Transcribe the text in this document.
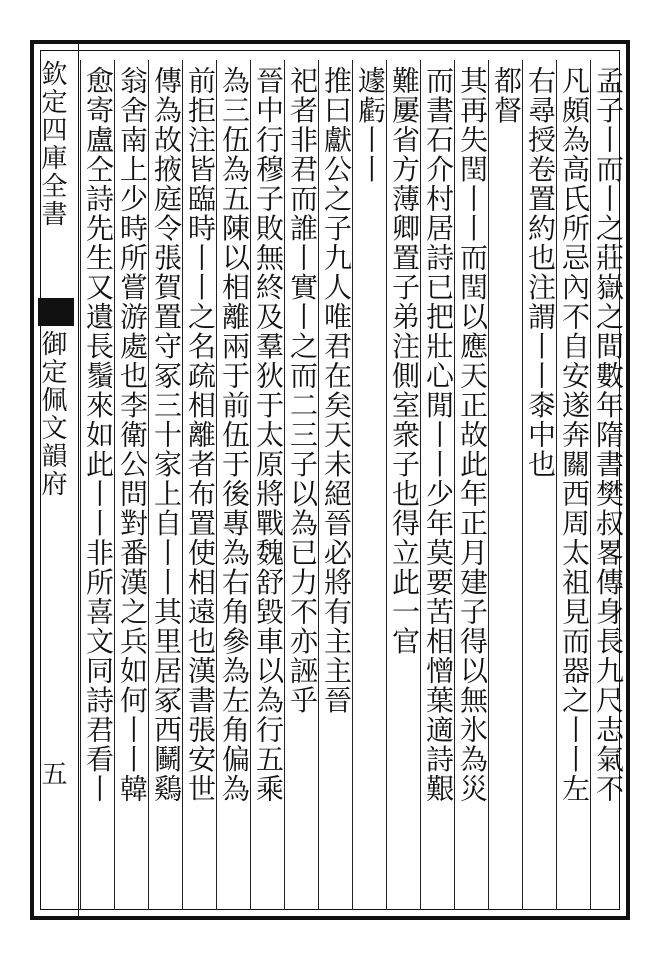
欽定四庫全書
御定佩文韻府
五	孟子丨而丨之莊嶽之間數年隋書樊叔畧傳身長九尺志氣不
凡頗為高氏所忌內不自安遂奔關西周太祖見而器之丨丨左
右尋授卷置約也注謂丨丨桼中也
都督
其再失閏丨丨而閏以應天正故此年正月建子得以無氷為災
而書石介村居詩已把壯心閒丨丨少年莫要苦相憎葉適詩艱
難屢省方薄卿置子弟注側室衆子也得立此一官
遽虧丨丨
推曰獻公之子九人唯君在矣天未絕晉必將有主主晉
祀者非君而誰丨實丨之而二三子以為已力不亦誣乎
晉中行穆子敗無終及羣狄于太原將戰魏舒毀車以為行五乘
為三伍為五陳以相離兩于前伍于後專為右角參為左角偏為
前拒注皆臨時丨丨之名疏相離者布置使相遠也漢書張安世
傳為故掖庭令張賀置守冢三十家上自丨丨其里居冢西鬭鷄
翁舍南上少時所嘗游處也李衛公問對番漢之兵如何丨丨韓
愈寄盧仝詩先生又遺長鬚來如此丨丨非所喜文同詩君看丨
